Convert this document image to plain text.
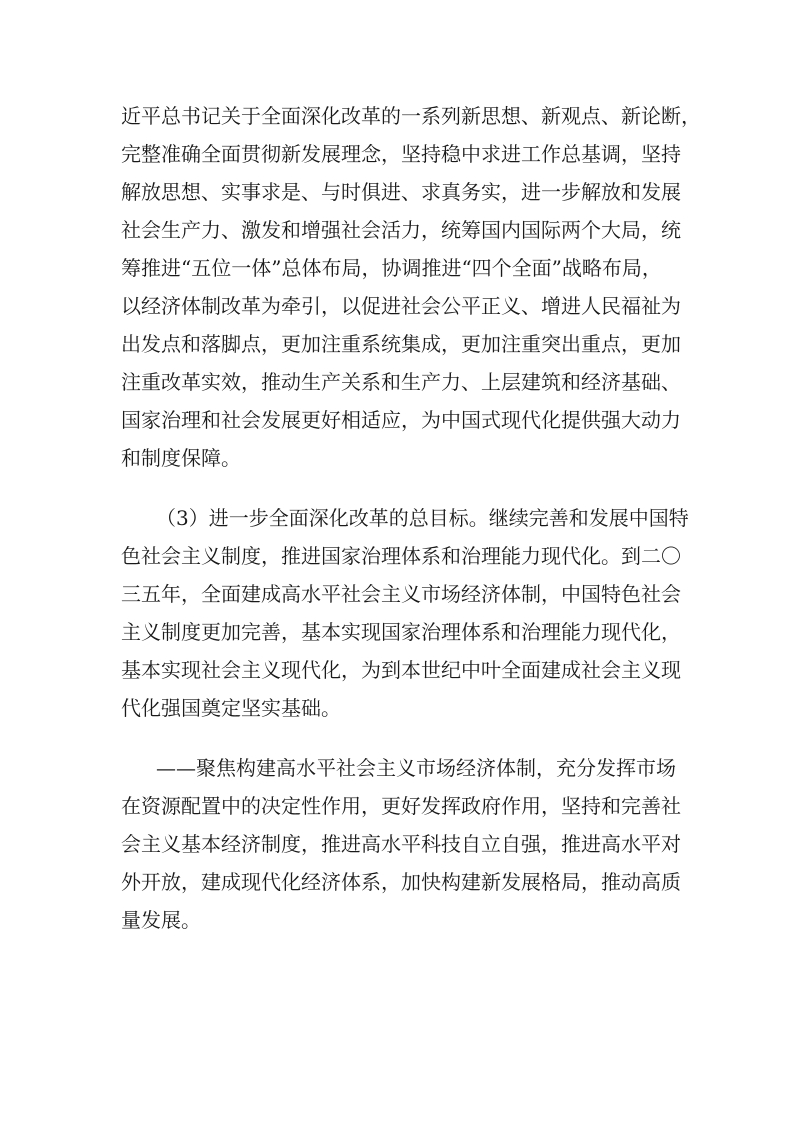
近平总书记关于全面深化改革的一系列新思想、新观点、新论断，
完整准确全面贯彻新发展理念，坚持稳中求进工作总基调，坚持
解放思想、实事求是、与时俱进、求真务实，进一步解放和发展
社会生产力、激发和增强社会活力，统筹国内国际两个大局，统
筹推进“五位一体”总体布局，协调推进“四个全面”战略布局，
以经济体制改革为牵引，以促进社会公平正义、增进人民福祉为
出发点和落脚点，更加注重系统集成，更加注重突出重点，更加
注重改革实效，推动生产关系和生产力、上层建筑和经济基础、
国家治理和社会发展更好相适应，为中国式现代化提供强大动力
和制度保障。
（3）进一步全面深化改革的总目标。继续完善和发展中国特
色社会主义制度，推进国家治理体系和治理能力现代化。到二〇
三五年，全面建成高水平社会主义市场经济体制，中国特色社会
主义制度更加完善，基本实现国家治理体系和治理能力现代化，
基本实现社会主义现代化，为到本世纪中叶全面建成社会主义现
代化强国奠定坚实基础。
——聚焦构建高水平社会主义市场经济体制，充分发挥市场
在资源配置中的决定性作用，更好发挥政府作用，坚持和完善社
会主义基本经济制度，推进高水平科技自立自强，推进高水平对
外开放，建成现代化经济体系，加快构建新发展格局，推动高质
量发展。
